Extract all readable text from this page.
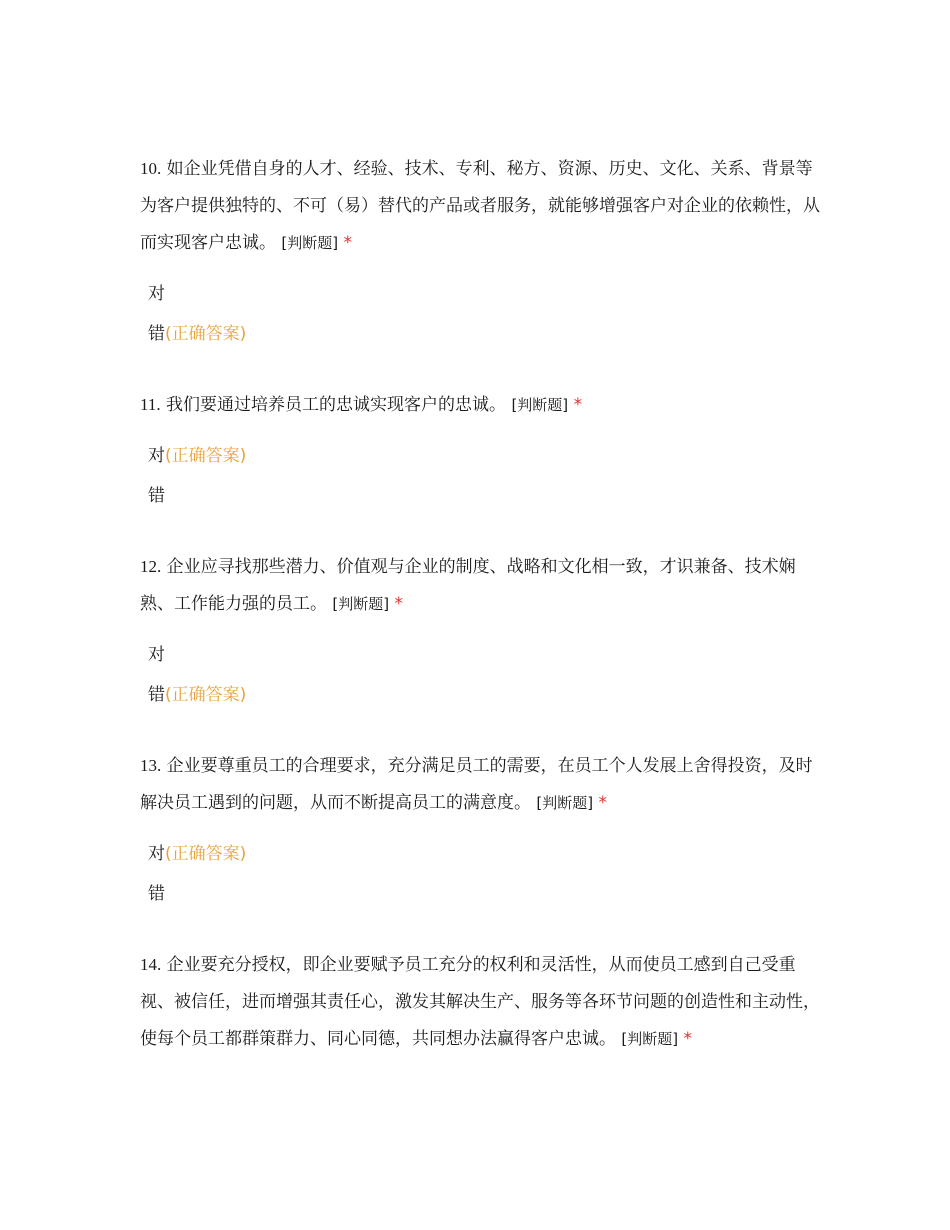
10. 如企业凭借自身的人才、经验、技术、专利、秘方、资源、历史、文化、关系、背景等为客户提供独特的、不可（易）替代的产品或者服务，就能够增强客户对企业的依赖性，从而实现客户忠诚。 [判断题] *

对
错(正确答案)

11. 我们要通过培养员工的忠诚实现客户的忠诚。 [判断题] *

对(正确答案)
错

12. 企业应寻找那些潜力、价值观与企业的制度、战略和文化相一致，才识兼备、技术娴熟、工作能力强的员工。 [判断题] *

对
错(正确答案)

13. 企业要尊重员工的合理要求，充分满足员工的需要，在员工个人发展上舍得投资，及时解决员工遇到的问题，从而不断提高员工的满意度。 [判断题] *

对(正确答案)
错

14. 企业要充分授权，即企业要赋予员工充分的权利和灵活性，从而使员工感到自己受重视、被信任，进而增强其责任心，激发其解决生产、服务等各环节问题的创造性和主动性，使每个员工都群策群力、同心同德，共同想办法赢得客户忠诚。 [判断题] *
